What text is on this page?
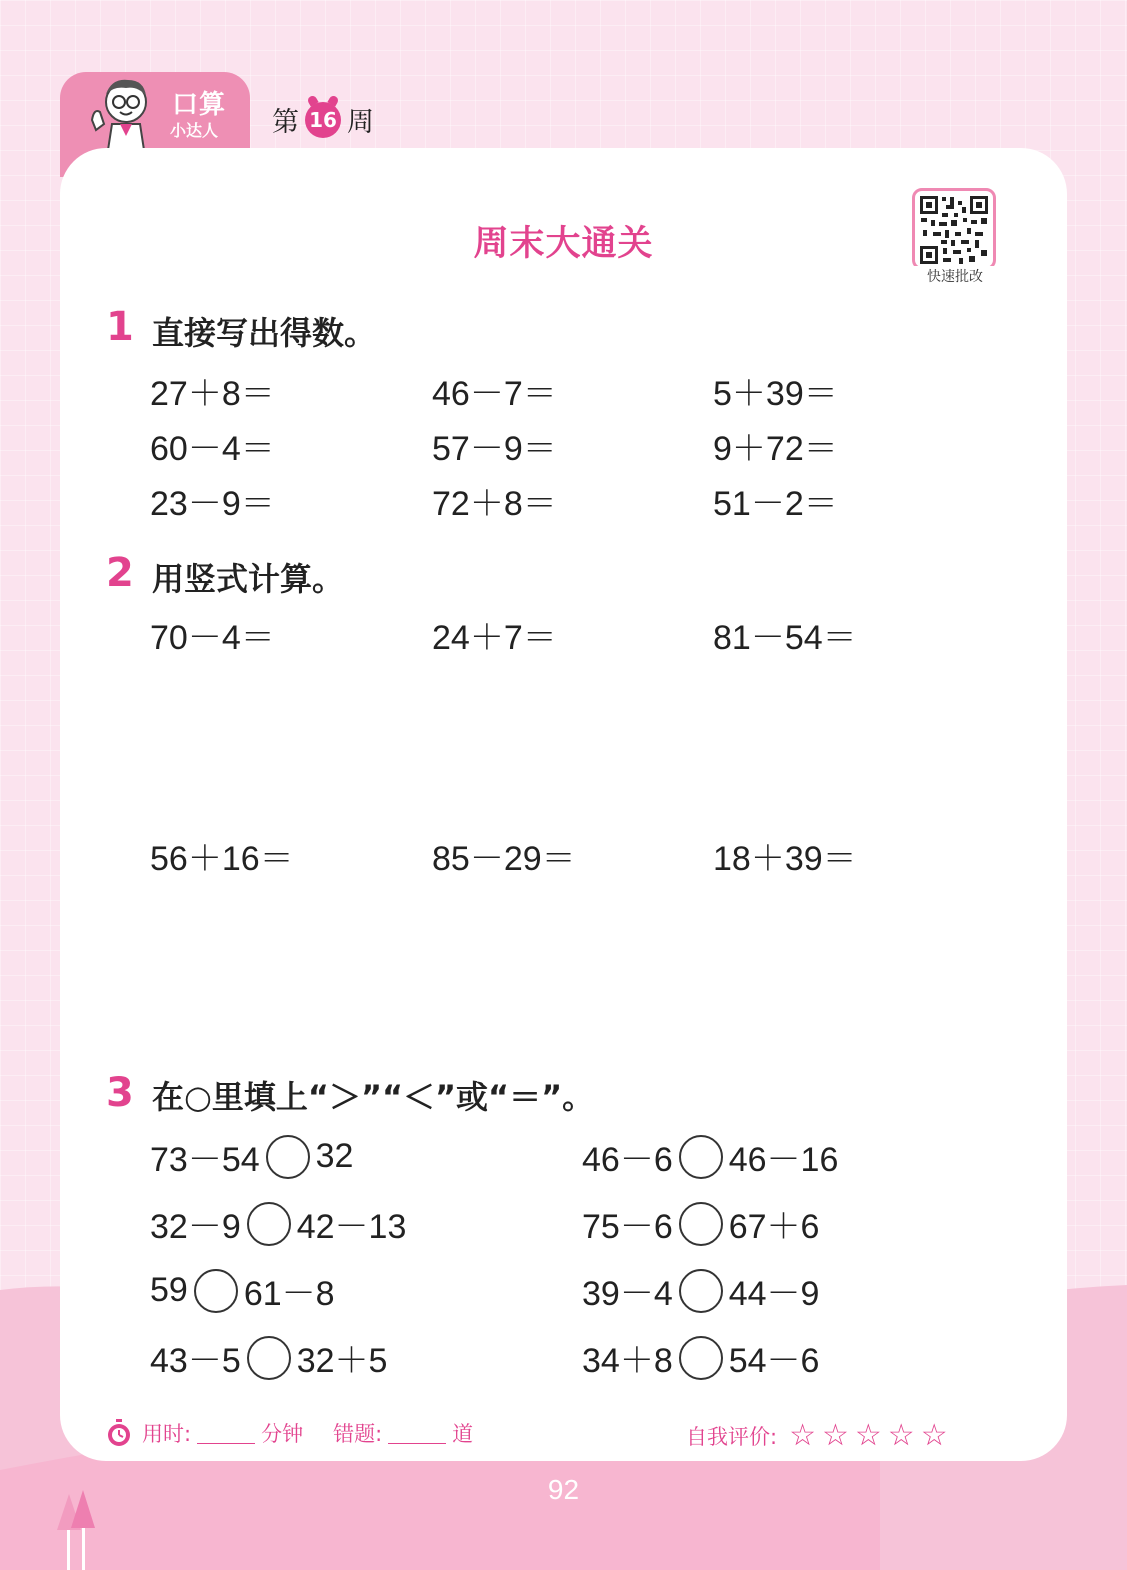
口算
小达人 第 16 周
周末大通关
快速批改
1 直接写出得数。
27＋8＝	46－7＝	5＋39＝
60－4＝	57－9＝	9＋72＝
23－9＝	72＋8＝	51－2＝
2 用竖式计算。
70－4＝	24＋7＝	81－54＝
56＋16＝	85－29＝	18＋39＝
3 在○里填上“＞”“＜”或“＝”。
73－54 32	46－6 46－16
32－9 42－13	75－6 67＋6
59 61－8	39－4 44－9
43－5 32＋5	34＋8 54－6
用时:	分钟 错题:	道	自我评价: ☆ ☆ ☆ ☆ ☆
92
